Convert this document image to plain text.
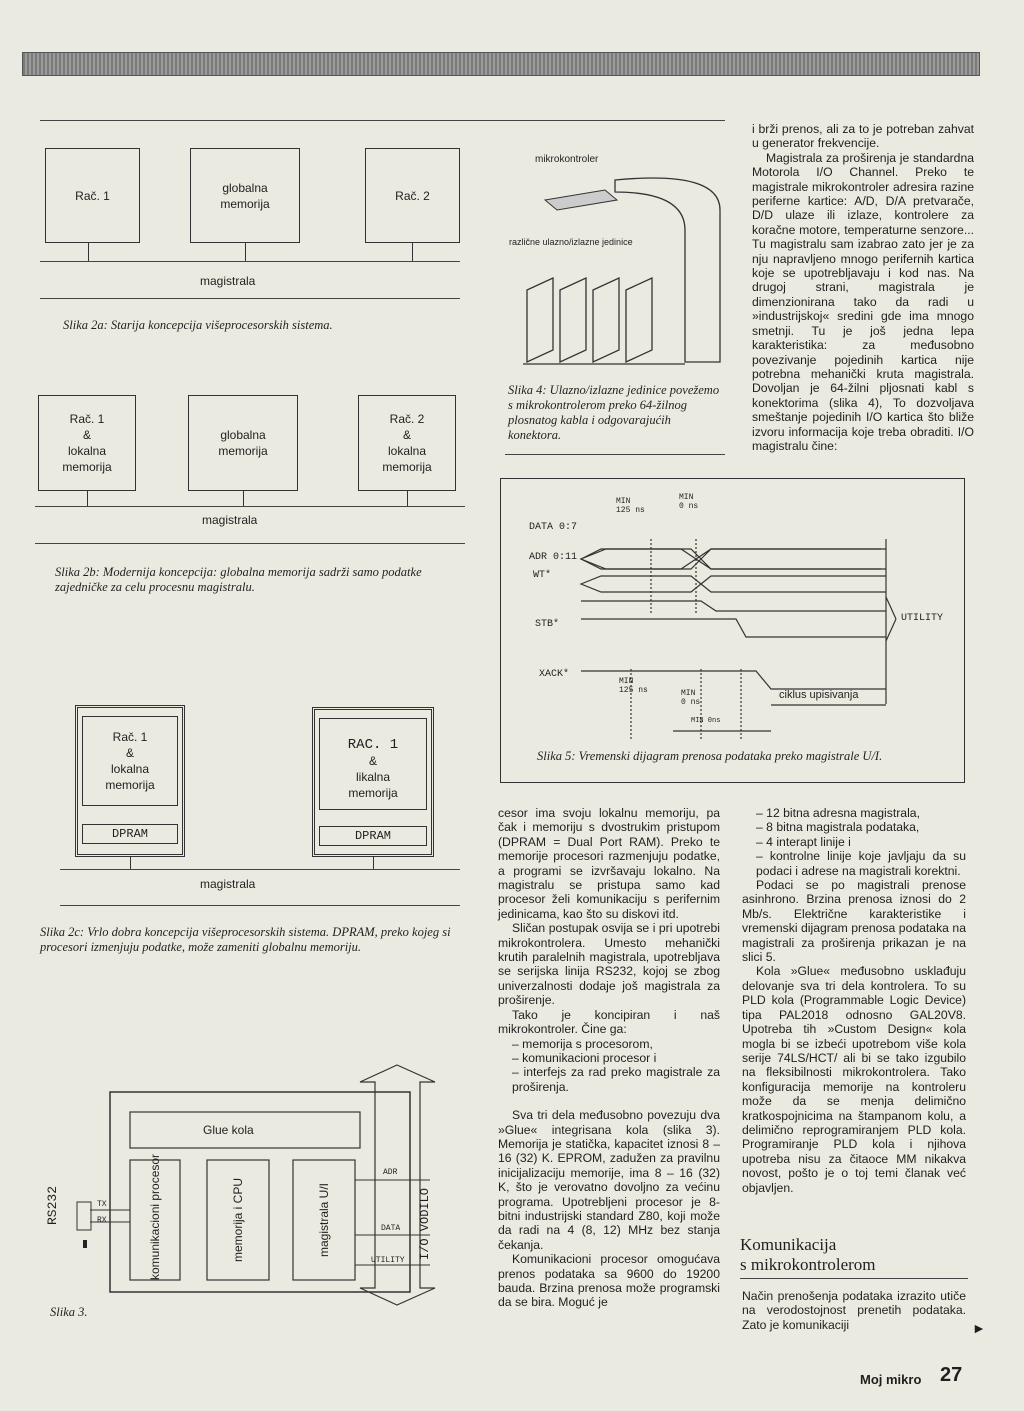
Rač. 1
globalna
memorija
Rač. 2
magistrala
Slika 2a: Starija koncepcija višeprocesorskih sistema.
Rač. 1
&
lokalna
memorija
globalna
memorija
Rač. 2
&
lokalna
memorija
magistrala
Slika 2b: Modernija koncepcija: globalna memorija sadrži samo podatke zajedničke za celu procesnu magistralu.
Rač. 1
&
lokalna
memorija
DPRAM
RAC. 1
&
likalna
memorija
DPRAM
magistrala
Slika 2c: Vrlo dobra koncepcija višeprocesorskih sistema. DPRAM, preko kojeg si procesori izmenjuju podatke, može zameniti globalnu memoriju.
Glue kola
komunikacioni procesor	memorija i CPU	magistrala U/I
RS232	TX
RX
ADR
DATA
UTILITY
I/O VODILO
Slika 3.
mikrokontroler
različne ulazno/izlazne jedinice
Slika 4: Ulazno/izlazne jedinice povežemo s mikrokontrolerom preko 64-žilnog plosnatog kabla i odgovarajućih konektora.
DATA 0:7
ADR 0:11
WT*
STB*
XACK*
MIN
125 ns
MIN
0 ns
MIN
125 ns	MIN
0 ns
MIN 0ns
UTILITY
ciklus upisivanja
Slika 5: Vremenski dijagram prenosa podataka preko magistrale U/I.

i brži prenos, ali za to je potreban zahvat u generator frekvencije.

Magistrala za proširenja je standardna Motorola I/O Channel. Preko te magistrale mikrokontroler adresira razine periferne kartice: A/D, D/A pretvarače, D/D ulaze ili izlaze, kontrolere za koračne motore, temperaturne senzore... Tu magistralu sam izabrao zato jer je za nju napravljeno mnogo perifernih kartica koje se upotrebljavaju i kod nas. Na drugoj strani, magistrala je dimenzionirana tako da radi u »industrijskoj« sredini gde ima mnogo smetnji. Tu je još jedna lepa karakteristika: za međusobno povezivanje pojedinih kartica nije potrebna mehanički kruta magistrala. Dovoljan je 64-žilni pljosnati kabl s konektorima (slika 4), To dozvoljava smeštanje pojedinih I/O kartica što bliže izvoru informacija koje treba obraditi. I/O magistralu čine:

cesor ima svoju lokalnu memoriju, pa čak i memoriju s dvostrukim pristupom (DPRAM = Dual Port RAM). Preko te memorije procesori razmenjuju podatke, a programi se izvršavaju lokalno. Na magistralu se pristupa samo kad procesor želi komunikaciju s perifernim jedinicama, kao što su diskovi itd.

Sličan postupak osvija se i pri upotrebi mikrokontrolera. Umesto mehanički krutih paralelnih magistrala, upotrebljava se serijska linija RS232, kojoj se zbog univerzalnosti dodaje još magistrala za proširenje.

Tako je koncipiran i naš mikrokontroler. Čine ga:

– memorija s procesorom,

– komunikacioni procesor i

– interfejs za rad preko magistrale za proširenja.

Sva tri dela međusobno povezuju dva »Glue« integrisana kola (slika 3). Memorija je statička, kapacitet iznosi 8 – 16 (32) K. EPROM, zadužen za pravilnu inicijalizaciju memorije, ima 8 – 16 (32) K, što je verovatno dovoljno za većinu programa. Upotrebljeni procesor je 8-bitni industrijski standard Z80, koji može da radi na 4 (8, 12) MHz bez stanja čekanja.

Komunikacioni procesor omogućava prenos podataka sa 9600 do 19200 bauda. Brzina prenosa može programski da se bira. Moguć je

– 12 bitna adresna magistrala,

– 8 bitna magistrala podataka,

– 4 interapt linije i

– kontrolne linije koje javljaju da su podaci i adrese na magistrali korektni.

Podaci se po magistrali prenose asinhrono. Brzina prenosa iznosi do 2 Mb/s. Električne karakteristike i vremenski dijagram prenosa podataka na magistrali za proširenja prikazan je na slici 5.

Kola »Glue« međusobno usklađuju delovanje sva tri dela kontrolera. To su PLD kola (Programmable Logic Device) tipa PAL2018 odnosno GAL20V8. Upotreba tih »Custom Design« kola mogla bi se izbeći upotrebom više kola serije 74LS/HCT/ ali bi se tako izgubilo na fleksibilnosti mikrokontrolera. Tako konfiguracija memorije na kontroleru može da se menja delimično kratkospojnicima na štampanom kolu, a delimično reprogramiranjem PLD kola. Programiranje PLD kola i njihova upotreba nisu za čitaoce MM nikakva novost, pošto je o toj temi članak već objavljen.

Komunikacija
s mikrokontrolerom
Način prenošenja podataka izrazito utiče na verodostojnost prenetih podataka. Zato je komunikaciji	►
Moj mikro 27
